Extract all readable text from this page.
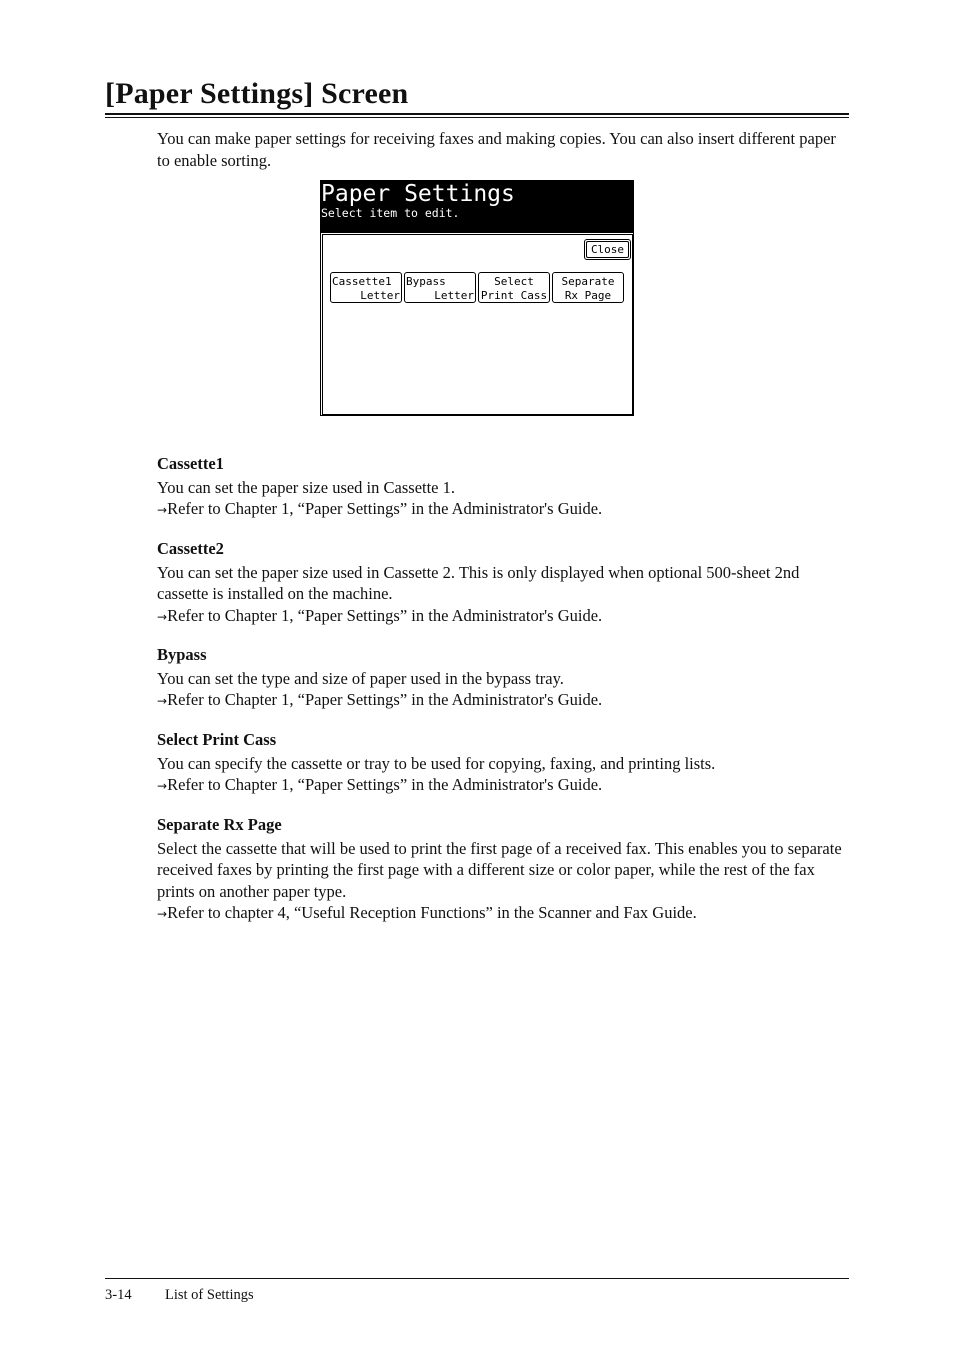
[Paper Settings] Screen

You can make paper settings for receiving faxes and making copies. You can also insert different paper to enable sorting.

Paper Settings
Select item to edit.
Close
Cassette1
Letter
Bypass
Letter
Select
Print Cass
Separate
Rx Page
Cassette1

You can set the paper size used in Cassette 1.
→Refer to Chapter 1, “Paper Settings” in the Administrator's Guide.

Cassette2

You can set the paper size used in Cassette 2. This is only displayed when optional 500-sheet 2nd cassette is installed on the machine.
→Refer to Chapter 1, “Paper Settings” in the Administrator's Guide.

Bypass

You can set the type and size of paper used in the bypass tray.
→Refer to Chapter 1, “Paper Settings” in the Administrator's Guide.

Select Print Cass

You can specify the cassette or tray to be used for copying, faxing, and printing lists.
→Refer to Chapter 1, “Paper Settings” in the Administrator's Guide.

Separate Rx Page

Select the cassette that will be used to print the first page of a received fax. This enables you to separate received faxes by printing the first page with a different size or color paper, while the rest of the fax prints on another paper type.
→Refer to chapter 4, “Useful Reception Functions” in the Scanner and Fax Guide.

3-14 List of Settings
